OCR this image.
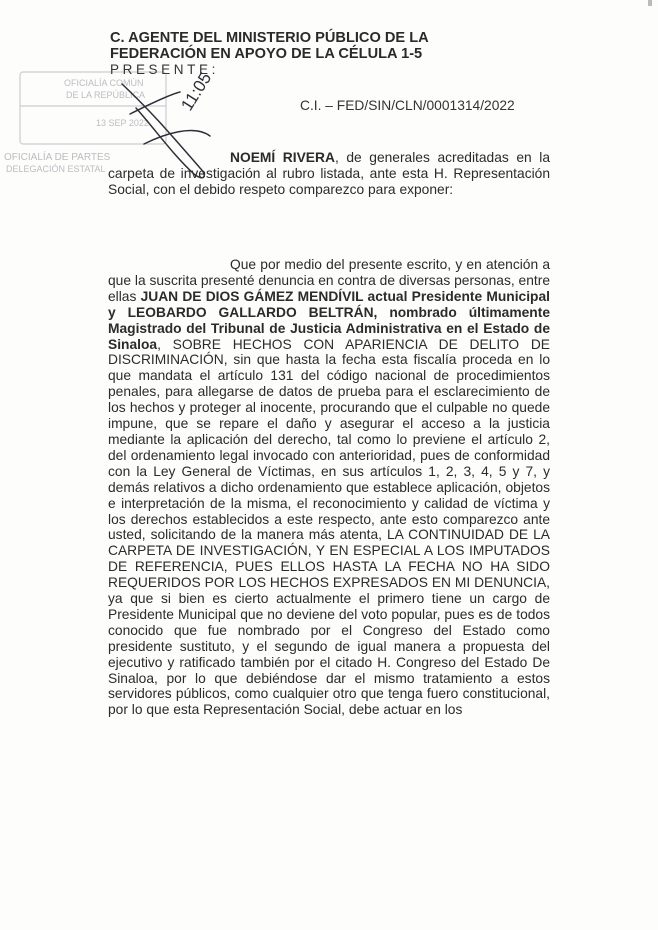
C. AGENTE DEL MINISTERIO PÚBLICO DE LA
FEDERACIÓN EN APOYO DE LA CÉLULA 1-5
PRESENTE:
OFICIALÍA COMÚN
DE LA REPÚBLICA
13 SEP 2022
OFICIALÍA DE PARTES
DELEGACIÓN ESTATAL
11:05	C.I. – FED/SIN/CLN/0001314/2022
NOEMÍ RIVERA, de generales acreditadas en la carpeta de investigación al rubro listada, ante esta H. Representación Social, con el debido respeto comparezco para exponer:
Que por medio del presente escrito, y en atención a que la suscrita presenté denuncia en contra de diversas personas, entre ellas JUAN DE DIOS GÁMEZ MENDÍVIL actual Presidente Municipal y LEOBARDO GALLARDO BELTRÁN, nombrado últimamente Magistrado del Tribunal de Justicia Administrativa en el Estado de Sinaloa, SOBRE HECHOS CON APARIENCIA DE DELITO DE DISCRIMINACIÓN, sin que hasta la fecha esta fiscalía proceda en lo que mandata el artículo 131 del código nacional de procedimientos penales, para allegarse de datos de prueba para el esclarecimiento de los hechos y proteger al inocente, procurando que el culpable no quede impune, que se repare el daño y asegurar el acceso a la justicia mediante la aplicación del derecho, tal como lo previene el artículo 2, del ordenamiento legal invocado con anterioridad, pues de conformidad con la Ley General de Víctimas, en sus artículos 1, 2, 3, 4, 5 y 7, y demás relativos a dicho ordenamiento que establece aplicación, objetos e interpretación de la misma, el reconocimiento y calidad de víctima y los derechos establecidos a este respecto, ante esto comparezco ante usted, solicitando de la manera más atenta, LA CONTINUIDAD DE LA CARPETA DE INVESTIGACIÓN, Y EN ESPECIAL A LOS IMPUTADOS DE REFERENCIA, PUES ELLOS HASTA LA FECHA NO HA SIDO REQUERIDOS POR LOS HECHOS EXPRESADOS EN MI DENUNCIA, ya que si bien es cierto actualmente el primero tiene un cargo de Presidente Municipal que no deviene del voto popular, pues es de todos conocido que fue nombrado por el Congreso del Estado como presidente sustituto, y el segundo de igual manera a propuesta del ejecutivo y ratificado también por el citado H. Congreso del Estado De Sinaloa, por lo que debiéndose dar el mismo tratamiento a estos servidores públicos, como cualquier otro que tenga fuero constitucional, por lo que esta Representación Social, debe actuar en los
